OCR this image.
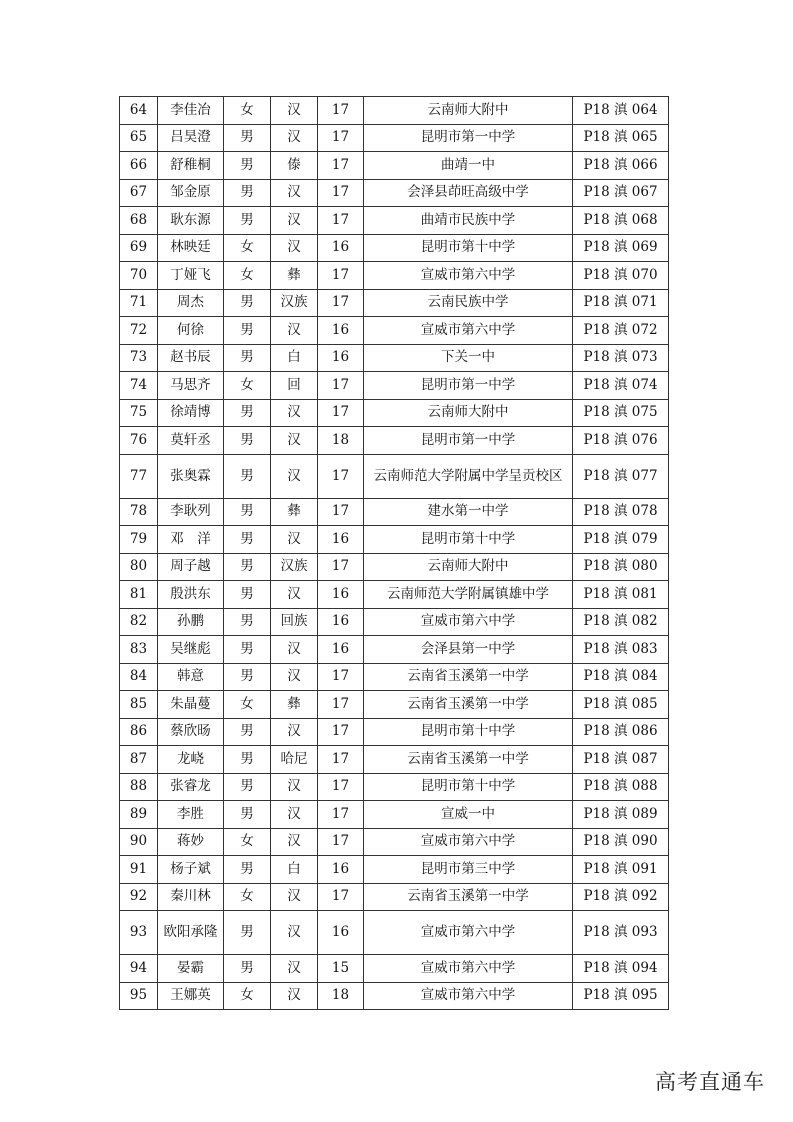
64	李佳冶	女	汉	17	云南师大附中	P18 滇 064
65	吕昊澄	男	汉	17	昆明市第一中学	P18 滇 065
66	舒稚桐	男	傣	17	曲靖一中	P18 滇 066
67	邹金原	男	汉	17	会泽县茚旺高级中学	P18 滇 067
68	耿东源	男	汉	17	曲靖市民族中学	P18 滇 068
69	林映廷	女	汉	16	昆明市第十中学	P18 滇 069
70	丁娅飞	女	彝	17	宣威市第六中学	P18 滇 070
71	周杰	男	汉族	17	云南民族中学	P18 滇 071
72	何徐	男	汉	16	宣威市第六中学	P18 滇 072
73	赵书辰	男	白	16	下关一中	P18 滇 073
74	马思齐	女	回	17	昆明市第一中学	P18 滇 074
75	徐靖博	男	汉	17	云南师大附中	P18 滇 075
76	莫轩丞	男	汉	18	昆明市第一中学	P18 滇 076
77	张奥霖	男	汉	17	云南师范大学附属中学呈贡校区	P18 滇 077
78	李耿列	男	彝	17	建水第一中学	P18 滇 078
79	邓　洋	男	汉	16	昆明市第十中学	P18 滇 079
80	周子越	男	汉族	17	云南师大附中	P18 滇 080
81	殷洪东	男	汉	16	云南师范大学附属镇雄中学	P18 滇 081
82	孙鹏	男	回族	16	宣威市第六中学	P18 滇 082
83	吴继彪	男	汉	16	会泽县第一中学	P18 滇 083
84	韩意	男	汉	17	云南省玉溪第一中学	P18 滇 084
85	朱晶蔓	女	彝	17	云南省玉溪第一中学	P18 滇 085
86	蔡欣旸	男	汉	17	昆明市第十中学	P18 滇 086
87	龙峣	男	哈尼	17	云南省玉溪第一中学	P18 滇 087
88	张睿龙	男	汉	17	昆明市第十中学	P18 滇 088
89	李胜	男	汉	17	宣威一中	P18 滇 089
90	蒋妙	女	汉	17	宣威市第六中学	P18 滇 090
91	杨子斌	男	白	16	昆明市第三中学	P18 滇 091
92	秦川林	女	汉	17	云南省玉溪第一中学	P18 滇 092
93	欧阳承隆	男	汉	16	宣威市第六中学	P18 滇 093
94	晏霸	男	汉	15	宣威市第六中学	P18 滇 094
95	王娜英	女	汉	18	宣威市第六中学	P18 滇 095
高考直通车
